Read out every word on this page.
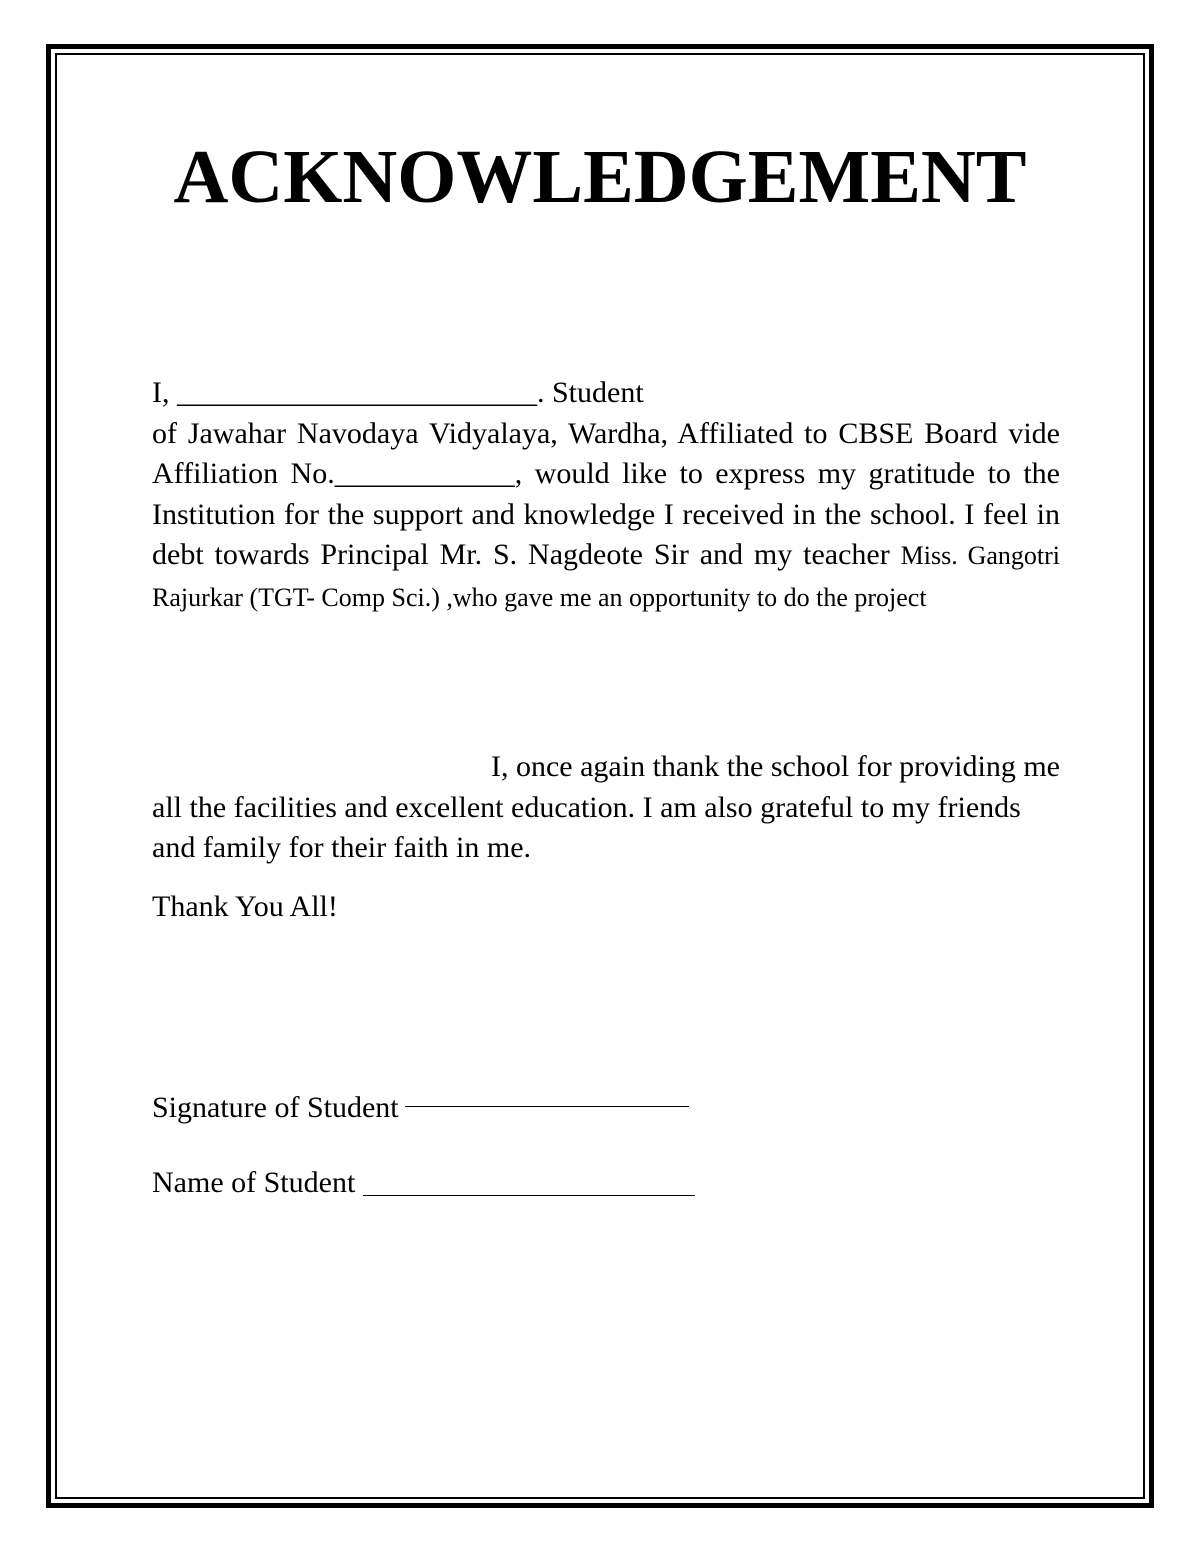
ACKNOWLEDGEMENT

I, ________________________. Student
of Jawahar Navodaya Vidyalaya, Wardha, Affiliated to CBSE Board vide Affiliation No.____________, would like to express my gratitude to the Institution for the support and knowledge I received in the school. I feel in debt towards Principal Mr. S. Nagdeote Sir and my teacher Miss. Gangotri Rajurkar (TGT- Comp Sci.) ,who gave me an opportunity to do the project

I, once again thank the school for providing me
all the facilities and excellent education. I am also grateful to my friends and family for their faith in me.

Thank You All!

Signature of Student

Name of Student
